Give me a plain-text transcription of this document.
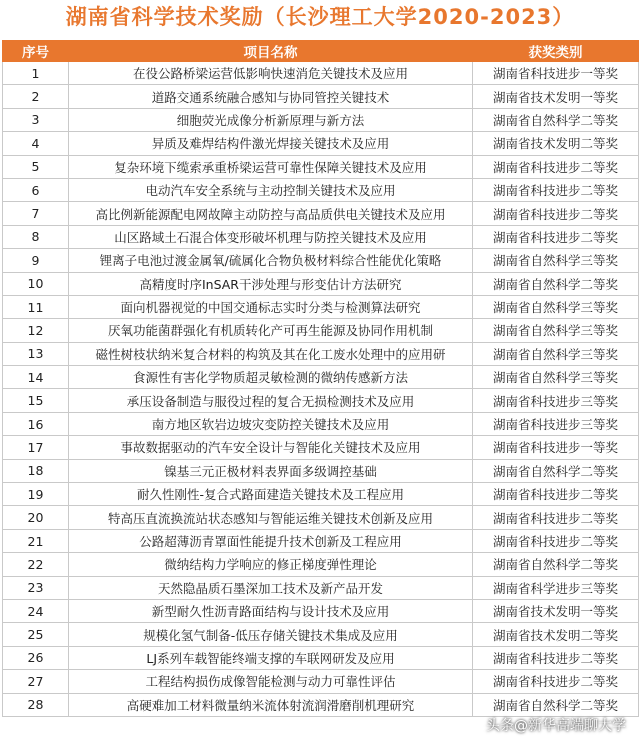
湖南省科学技术奖励（长沙理工大学2020-2023）
序号	项目名称	获奖类别
1	在役公路桥梁运营低影响快速消危关键技术及应用	湖南省科技进步一等奖
2	道路交通系统融合感知与协同管控关键技术	湖南省技术发明一等奖
3	细胞荧光成像分析新原理与新方法	湖南省自然科学二等奖
4	异质及难焊结构件激光焊接关键技术及应用	湖南省技术发明二等奖
5	复杂环境下缆索承重桥梁运营可靠性保障关键技术及应用	湖南省科技进步二等奖
6	电动汽车安全系统与主动控制关键技术及应用	湖南省科技进步二等奖
7	高比例新能源配电网故障主动防控与高品质供电关键技术及应用	湖南省科技进步二等奖
8	山区路域土石混合体变形破坏机理与防控关键技术及应用	湖南省科技进步二等奖
9	锂离子电池过渡金属氧/硫属化合物负极材料综合性能优化策略	湖南省自然科学三等奖
10	高精度时序InSAR干涉处理与形变估计方法研究	湖南省自然科学二等奖
11	面向机器视觉的中国交通标志实时分类与检测算法研究	湖南省自然科学三等奖
12	厌氧功能菌群强化有机质转化产可再生能源及协同作用机制	湖南省自然科学三等奖
13	磁性树枝状纳米复合材料的构筑及其在化工废水处理中的应用研	湖南省自然科学三等奖
14	食源性有害化学物质超灵敏检测的微纳传感新方法	湖南省自然科学三等奖
15	承压设备制造与服役过程的复合无损检测技术及应用	湖南省科技进步三等奖
16	南方地区软岩边坡灾变防控关键技术及应用	湖南省科技进步三等奖
17	事故数据驱动的汽车安全设计与智能化关键技术及应用	湖南省科技进步一等奖
18	镍基三元正极材料表界面多级调控基础	湖南省自然科学二等奖
19	耐久性刚性-复合式路面建造关键技术及工程应用	湖南省科技进步二等奖
20	特高压直流换流站状态感知与智能运维关键技术创新及应用	湖南省科技进步二等奖
21	公路超薄沥青罩面性能提升技术创新及工程应用	湖南省科技进步二等奖
22	微纳结构力学响应的修正梯度弹性理论	湖南省自然科学二等奖
23	天然隐晶质石墨深加工技术及新产品开发	湖南省科学进步三等奖
24	新型耐久性沥青路面结构与设计技术及应用	湖南省技术发明一等奖
25	规模化氢气制备-低压存储关键技术集成及应用	湖南省技术发明二等奖
26	LJ系列车载智能终端支撑的车联网研发及应用	湖南省科技进步二等奖
27	工程结构损伤成像智能检测与动力可靠性评估	湖南省科技进步二等奖
28	高硬难加工材料微量纳米流体射流润滑磨削机理研究	湖南省自然科学二等奖
头条@新华高端聊大学
